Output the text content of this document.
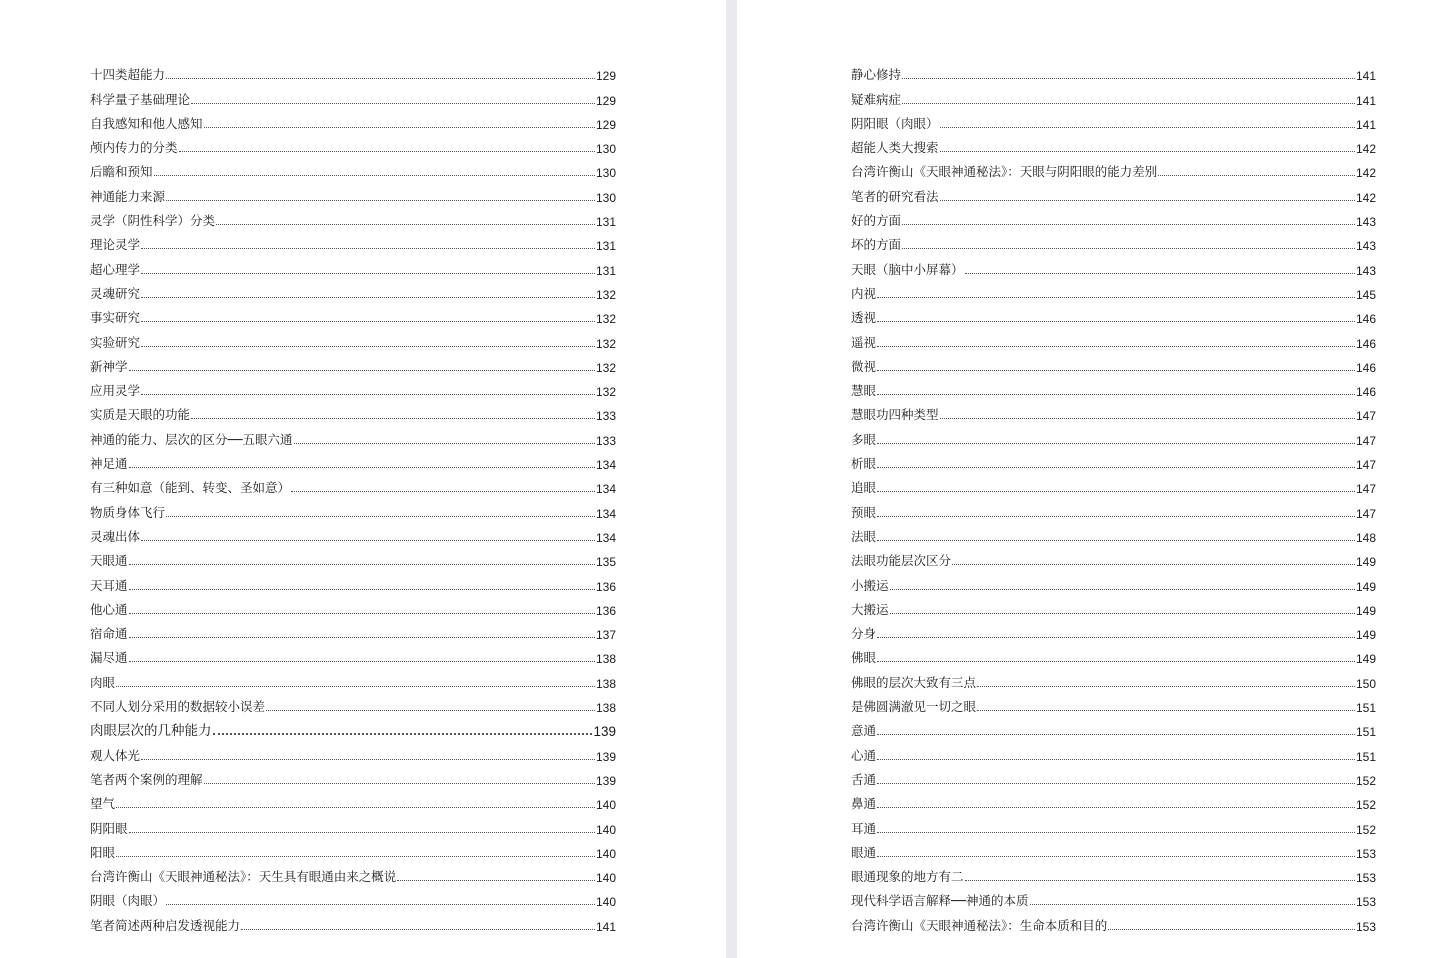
十四类超能力	129
科学量子基础理论	129
自我感知和他人感知	129
颅内传力的分类	130
后瞻和预知	130
神通能力来源	130
灵学（阴性科学）分类	131
理论灵学	131
超心理学	131
灵魂研究	132
事实研究	132
实验研究	132
新神学	132
应用灵学	132
实质是天眼的功能	133
神通的能力、层次的区分──五眼六通	133
神足通	134
有三种如意（能到、转变、圣如意）	134
物质身体飞行	134
灵魂出体	134
天眼通	135
天耳通	136
他心通	136
宿命通	137
漏尽通	138
肉眼	138
不同人划分采用的数据较小误差	138
肉眼层次的几种能力	139
观人体光	139
笔者两个案例的理解	139
望气	140
阴阳眼	140
阳眼	140
台湾许衡山《天眼神通秘法》：天生具有眼通由来之概说	140
阴眼（肉眼）	140
笔者简述两种启发透视能力	141
静心修持	141
疑难病症	141
阴阳眼（肉眼）	141
超能人类大搜索	142
台湾许衡山《天眼神通秘法》：天眼与阴阳眼的能力差别	142
笔者的研究看法	142
好的方面	143
坏的方面	143
天眼（脑中小屏幕）	143
内视	145
透视	146
遥视	146
微视	146
慧眼	146
慧眼功四种类型	147
多眼	147
析眼	147
追眼	147
预眼	147
法眼	148
法眼功能层次区分	149
小搬运	149
大搬运	149
分身	149
佛眼	149
佛眼的层次大致有三点	150
是佛圆满澈见一切之眼	151
意通	151
心通	151
舌通	152
鼻通	152
耳通	152
眼通	153
眼通现象的地方有二	153
现代科学语言解释──神通的本质	153
台湾许衡山《天眼神通秘法》：生命本质和目的	153
